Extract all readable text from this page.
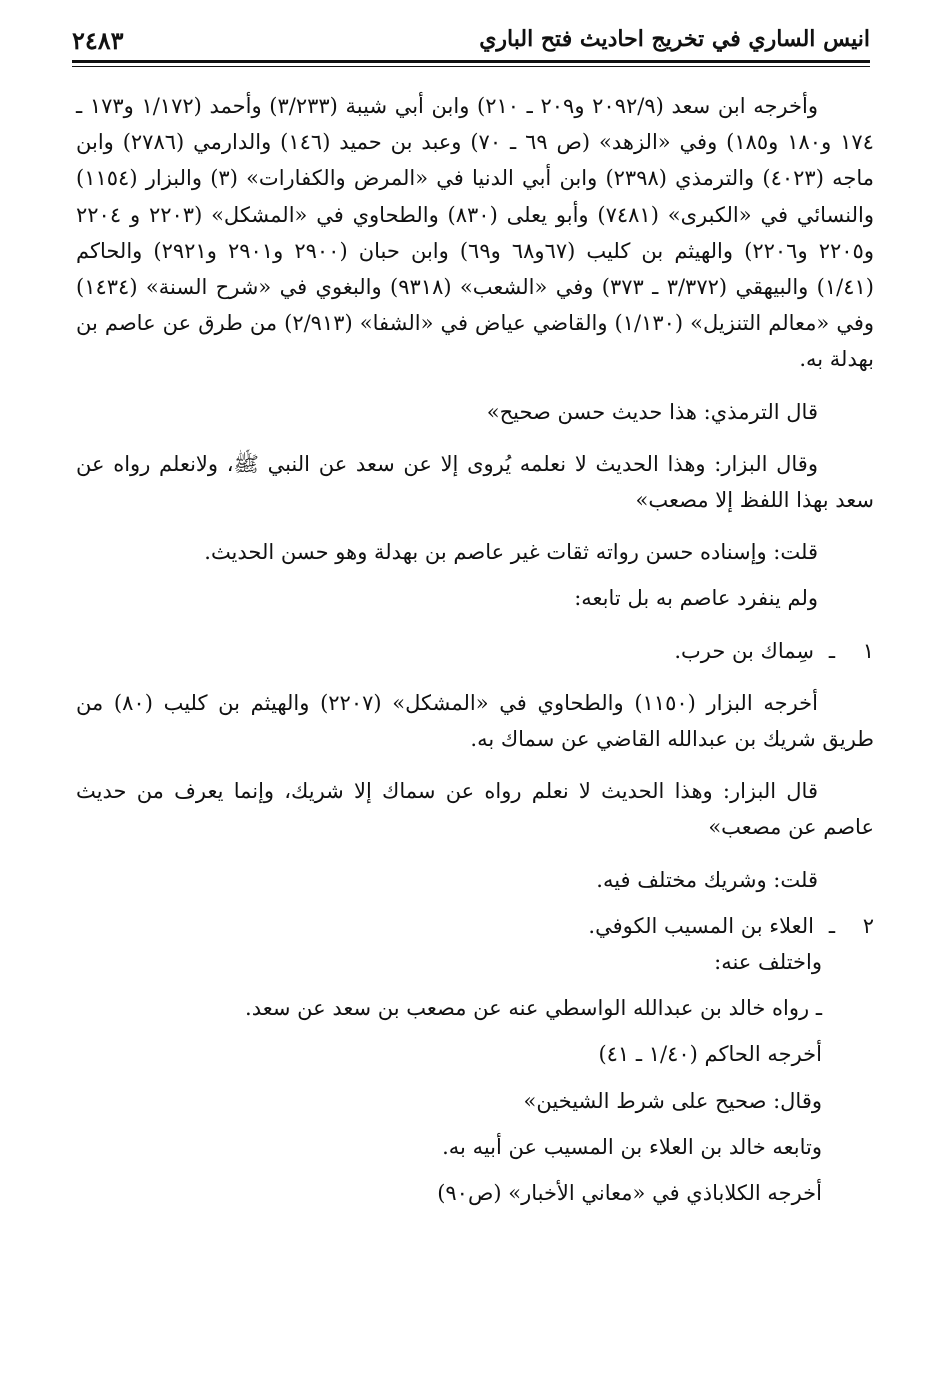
انيس الساري في تخريج احاديث فتح الباري
٢٤٨٣

وأخرجه ابن سعد (٢/٩‏‏‏‏‏‏٢٠٩ و٢٠٩ ـ ٢١٠) وابن أبي شيبة (٣/٢٣٣) وأحمد (١/١٧٢ و١٧٣ ـ ١٧٤ و١٨٠ و١٨٥) وفي «الزهد» (ص ٦٩ ـ ٧٠) وعبد بن حميد (١٤٦) والدارمي (٢٧٨٦) وابن ماجه (٤٠٢٣) والترمذي (٢٣٩٨) وابن أبي الدنيا في «المرض والكفارات» (٣) والبزار (١١٥٤) والنسائي في «الكبرى» (٧٤٨١) وأبو يعلى (٨٣٠) والطحاوي في «المشكل» (٢٢٠٣ و ٢٢٠٤ و٢٢٠٥ و٢٢٠٦) والهيثم بن كليب (٦٧و٦٨ و٦٩) وابن حبان (٢٩٠٠ و٢٩٠١ و٢٩٢١) والحاكم (١/٤١) والبيهقي (٣/٣٧٢ ـ ٣٧٣) وفي «الشعب» (٩٣١٨) والبغوي في «شرح السنة» (١٤٣٤) وفي «معالم التنزيل» (١/١٣٠) والقاضي عياض في «الشفا» (٢/٩١٣) من طرق عن عاصم بن بهدلة به.

قال الترمذي: هذا حديث حسن صحيح»

وقال البزار: وهذا الحديث لا نعلمه يُروى إلا عن سعد عن النبي ﷺ، ولانعلم رواه عن سعد بهذا اللفظ إلا مصعب»

قلت: وإسناده حسن رواته ثقات غير عاصم بن بهدلة وهو حسن الحديث.

ولم ينفرد عاصم به بل تابعه:

١
ـ
سِماك بن حرب.

أخرجه البزار (١١٥٠) والطحاوي في «المشكل» (٢٢٠٧) والهيثم بن كليب (٨٠) من طريق شريك بن عبدالله القاضي عن سماك به.

قال البزار: وهذا الحديث لا نعلم رواه عن سماك إلا شريك، وإنما يعرف من حديث عاصم عن مصعب»

قلت: وشريك مختلف فيه.

٢
ـ
العلاء بن المسيب الكوفي.

واختلف عنه:

ـ رواه خالد بن عبدالله الواسطي عنه عن مصعب بن سعد عن سعد.

أخرجه الحاكم (١/٤٠ ـ ٤١)

وقال: صحيح على شرط الشيخين»

وتابعه خالد بن العلاء بن المسيب عن أبيه به.

أخرجه الكلاباذي في «معاني الأخبار» (ص٩٠)
